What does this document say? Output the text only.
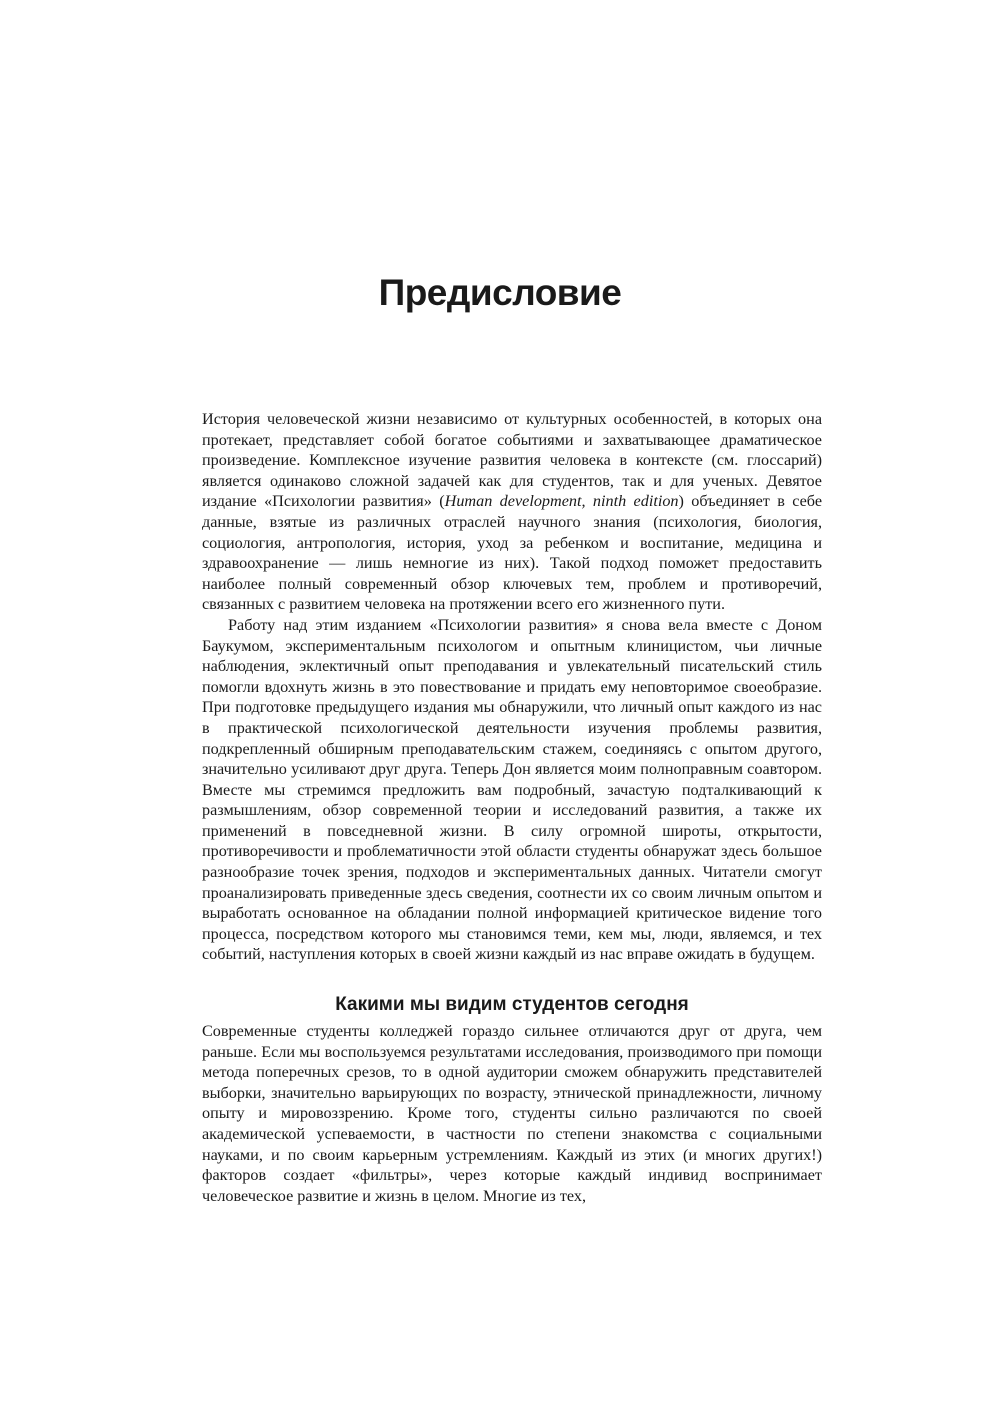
Предисловие

История человеческой жизни независимо от культурных особенностей, в которых она протекает, представляет собой богатое событиями и захватывающее драматическое произведение. Комплексное изучение развития человека в контексте (см. глоссарий) является одинаково сложной задачей как для студентов, так и для ученых. Девятое издание «Психологии развития» (Human development, ninth edition) объединяет в себе данные, взятые из различных отраслей научного знания (психология, биология, социология, антропология, история, уход за ребенком и воспитание, медицина и здравоохранение — лишь немногие из них). Такой подход поможет предоставить наиболее полный современный обзор ключевых тем, проблем и противоречий, связанных с развитием человека на протяжении всего его жизненного пути.

Работу над этим изданием «Психологии развития» я снова вела вместе с Доном Баукумом, экспериментальным психологом и опытным клиницистом, чьи личные наблюдения, эклектичный опыт преподавания и увлекательный писательский стиль помогли вдохнуть жизнь в это повествование и придать ему неповторимое своеобразие. При подготовке предыдущего издания мы обнаружили, что личный опыт каждого из нас в практической психологической деятельности изучения проблемы развития, подкрепленный обширным преподавательским стажем, соединяясь с опытом другого, значительно усиливают друг друга. Теперь Дон является моим полноправным соавтором. Вместе мы стремимся предложить вам подробный, зачастую подталкивающий к размышлениям, обзор современной теории и исследований развития, а также их применений в повседневной жизни. В силу огромной широты, открытости, противоречивости и проблематичности этой области студенты обнаружат здесь большое разнообразие точек зрения, подходов и экспериментальных данных. Читатели смогут проанализировать приведенные здесь сведения, соотнести их со своим личным опытом и выработать основанное на обладании полной информацией критическое видение того процесса, посредством которого мы становимся теми, кем мы, люди, являемся, и тех событий, наступления которых в своей жизни каждый из нас вправе ожидать в будущем.

Какими мы видим студентов сегодня

Современные студенты колледжей гораздо сильнее отличаются друг от друга, чем раньше. Если мы воспользуемся результатами исследования, производимого при помощи метода поперечных срезов, то в одной аудитории сможем обнаружить представителей выборки, значительно варьирующих по возрасту, этнической принадлежности, личному опыту и мировоззрению. Кроме того, студенты сильно различаются по своей академической успеваемости, в частности по степени знакомства с социальными науками, и по своим карьерным устремлениям. Каждый из этих (и многих других!) факторов создает «фильтры», через которые каждый индивид воспринимает человеческое развитие и жизнь в целом. Многие из тех,
